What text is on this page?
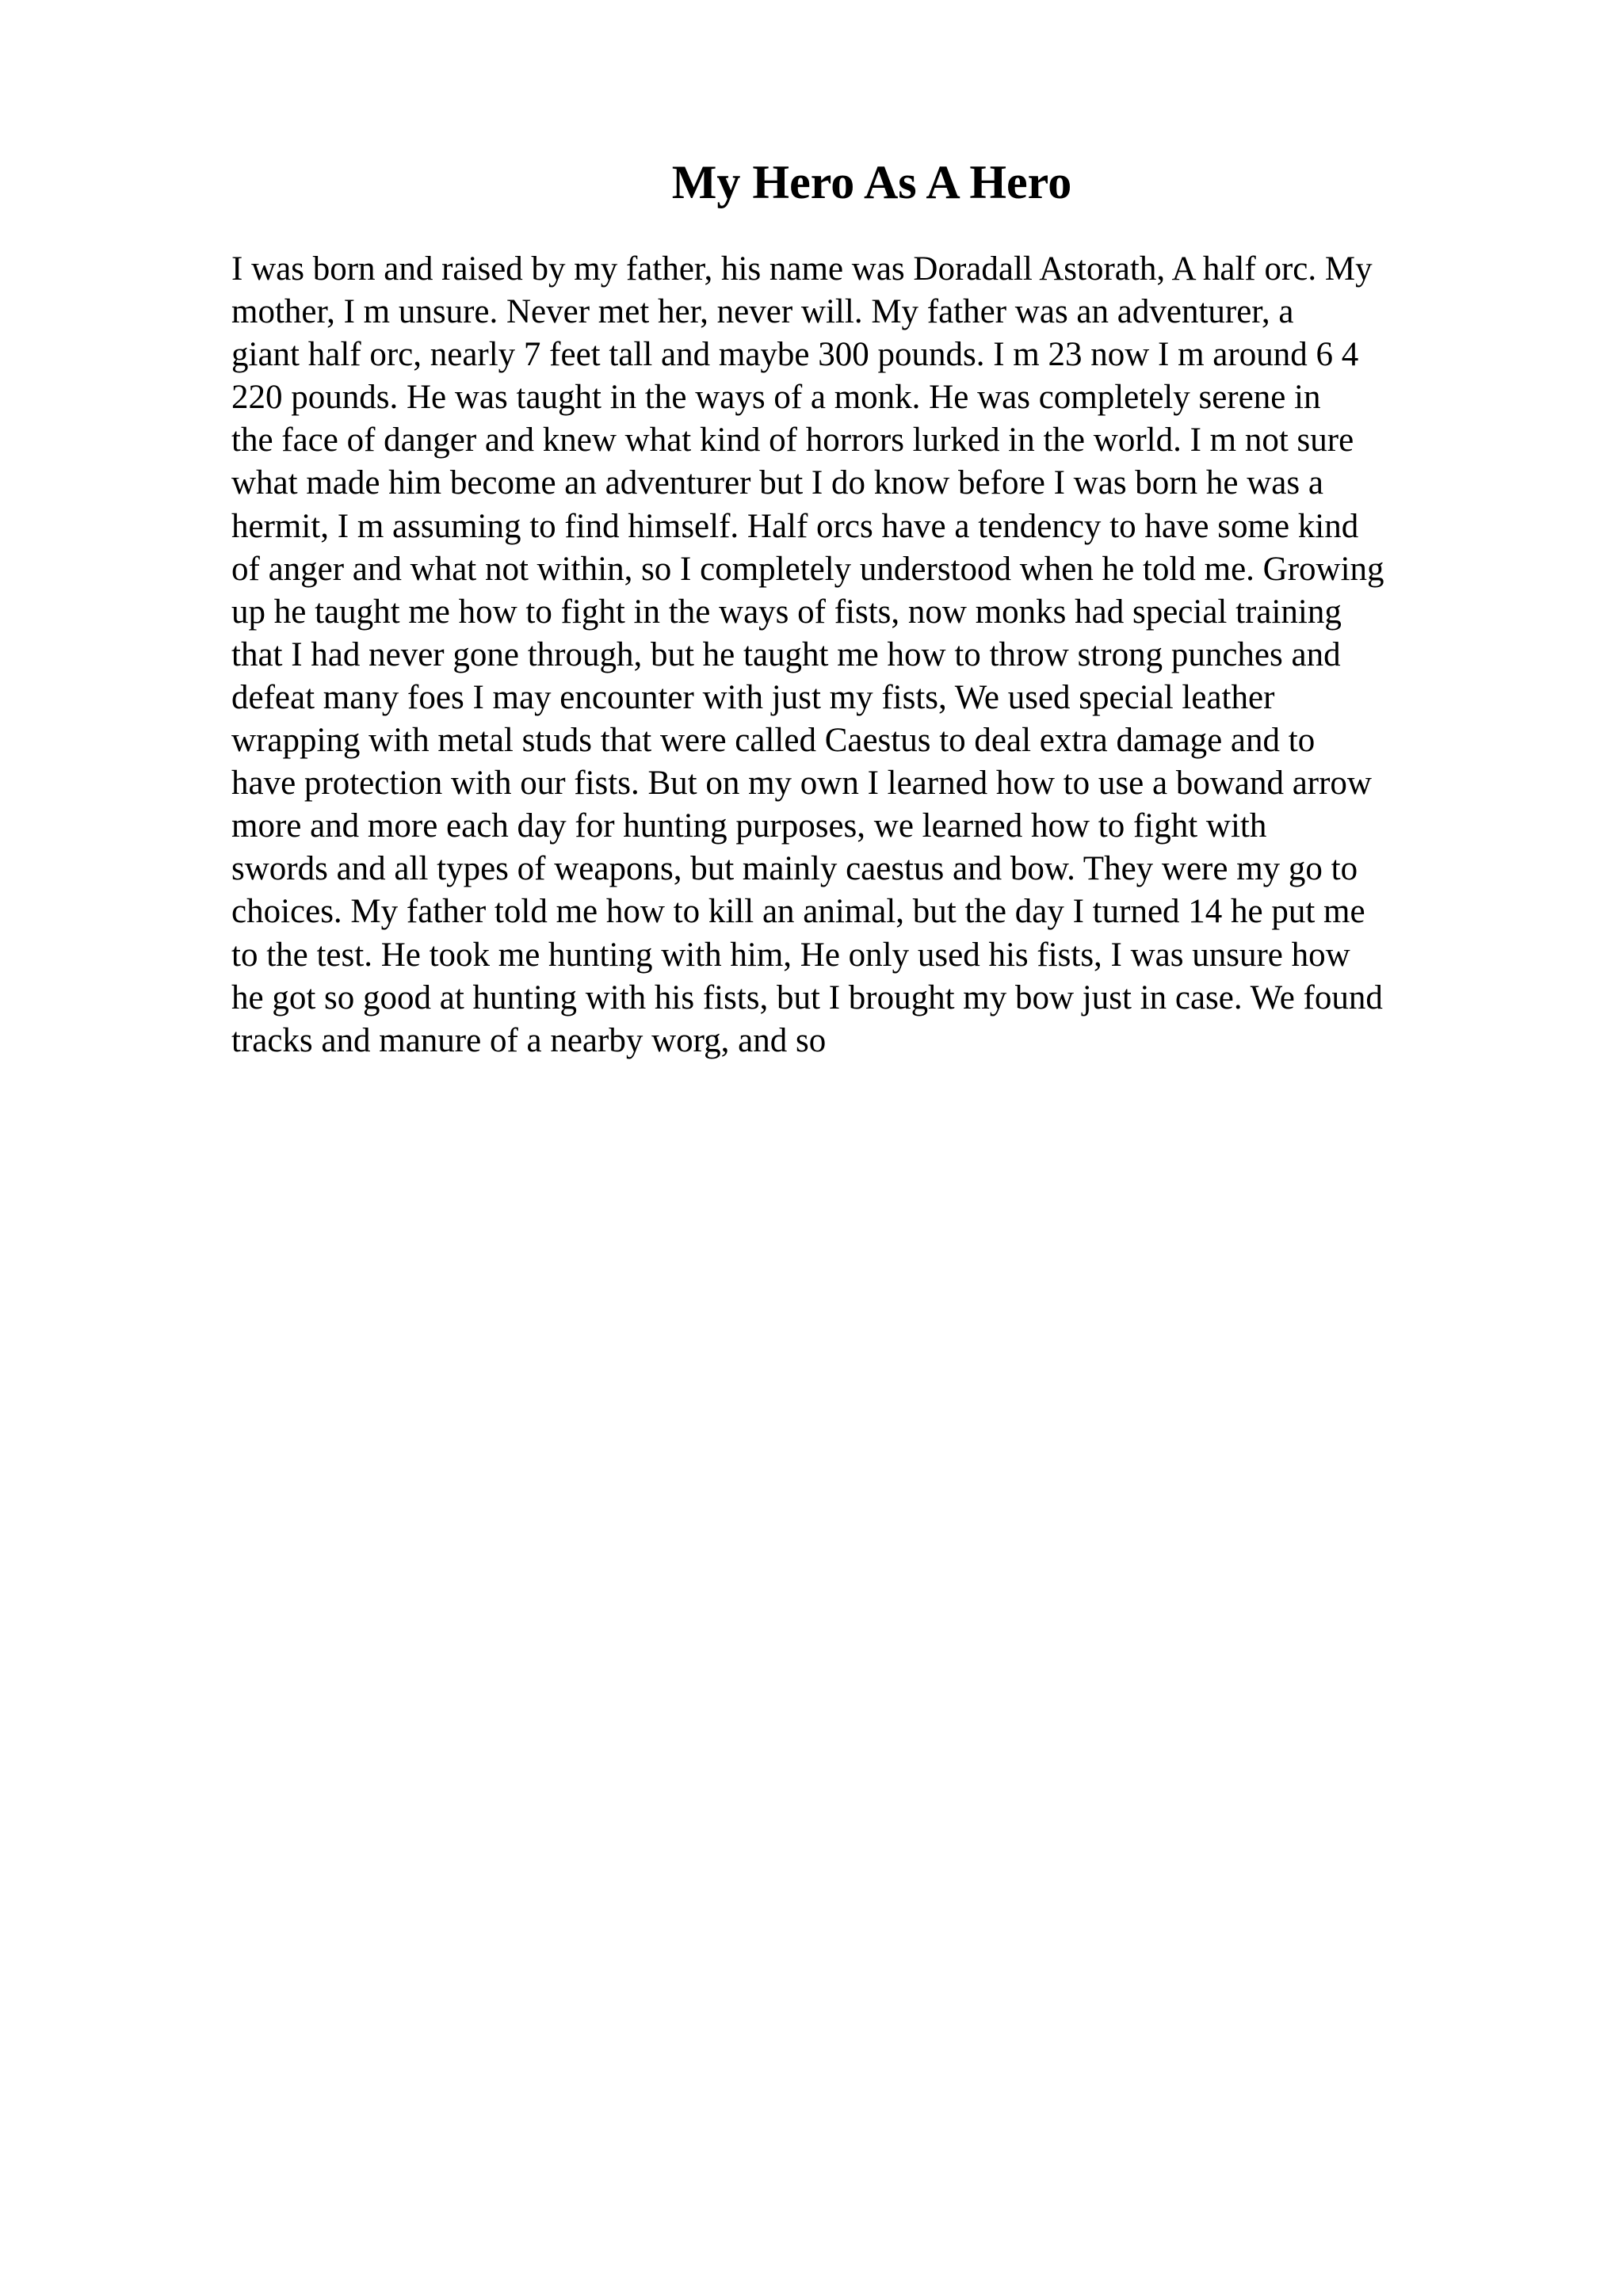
My Hero As A Hero
I was born and raised by my father, his name was Doradall Astorath, A half orc. My
mother, I m unsure. Never met her, never will. My father was an adventurer, a
giant half orc, nearly 7 feet tall and maybe 300 pounds. I m 23 now I m around 6 4
220 pounds. He was taught in the ways of a monk. He was completely serene in
the face of danger and knew what kind of horrors lurked in the world. I m not sure
what made him become an adventurer but I do know before I was born he was a
hermit, I m assuming to find himself. Half orcs have a tendency to have some kind
of anger and what not within, so I completely understood when he told me. Growing
up he taught me how to fight in the ways of fists, now monks had special training
that I had never gone through, but he taught me how to throw strong punches and
defeat many foes I may encounter with just my fists, We used special leather
wrapping with metal studs that were called Caestus to deal extra damage and to
have protection with our fists. But on my own I learned how to use a bowand arrow
more and more each day for hunting purposes, we learned how to fight with
swords and all types of weapons, but mainly caestus and bow. They were my go to
choices. My father told me how to kill an animal, but the day I turned 14 he put me
to the test. He took me hunting with him, He only used his fists, I was unsure how
he got so good at hunting with his fists, but I brought my bow just in case. We found
tracks and manure of a nearby worg, and so
